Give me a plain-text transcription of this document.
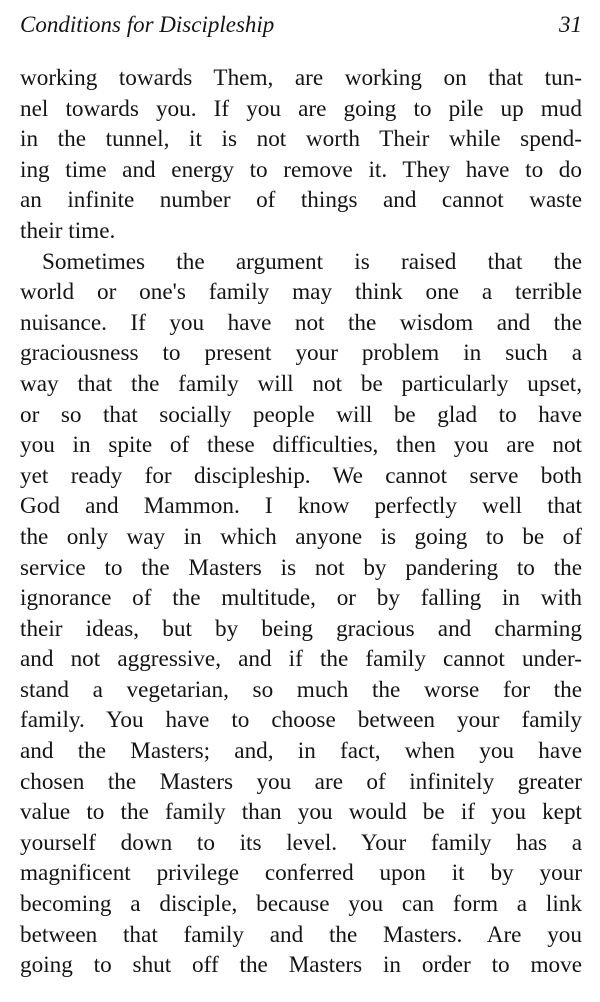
Conditions for Discipleship	31
working towards Them, are working on that tun-
nel towards you. If you are going to pile up mud
in the tunnel, it is not worth Their while spend-
ing time and energy to remove it. They have to do
an infinite number of things and cannot waste
their time.
Sometimes the argument is raised that the
world or one's family may think one a terrible
nuisance. If you have not the wisdom and the
graciousness to present your problem in such a
way that the family will not be particularly upset,
or so that socially people will be glad to have
you in spite of these difficulties, then you are not
yet ready for discipleship. We cannot serve both
God and Mammon. I know perfectly well that
the only way in which anyone is going to be of
service to the Masters is not by pandering to the
ignorance of the multitude, or by falling in with
their ideas, but by being gracious and charming
and not aggressive, and if the family cannot under-
stand a vegetarian, so much the worse for the
family. You have to choose between your family
and the Masters; and, in fact, when you have
chosen the Masters you are of infinitely greater
value to the family than you would be if you kept
yourself down to its level. Your family has a
magnificent privilege conferred upon it by your
becoming a disciple, because you can form a link
between that family and the Masters. Are you
going to shut off the Masters in order to move
